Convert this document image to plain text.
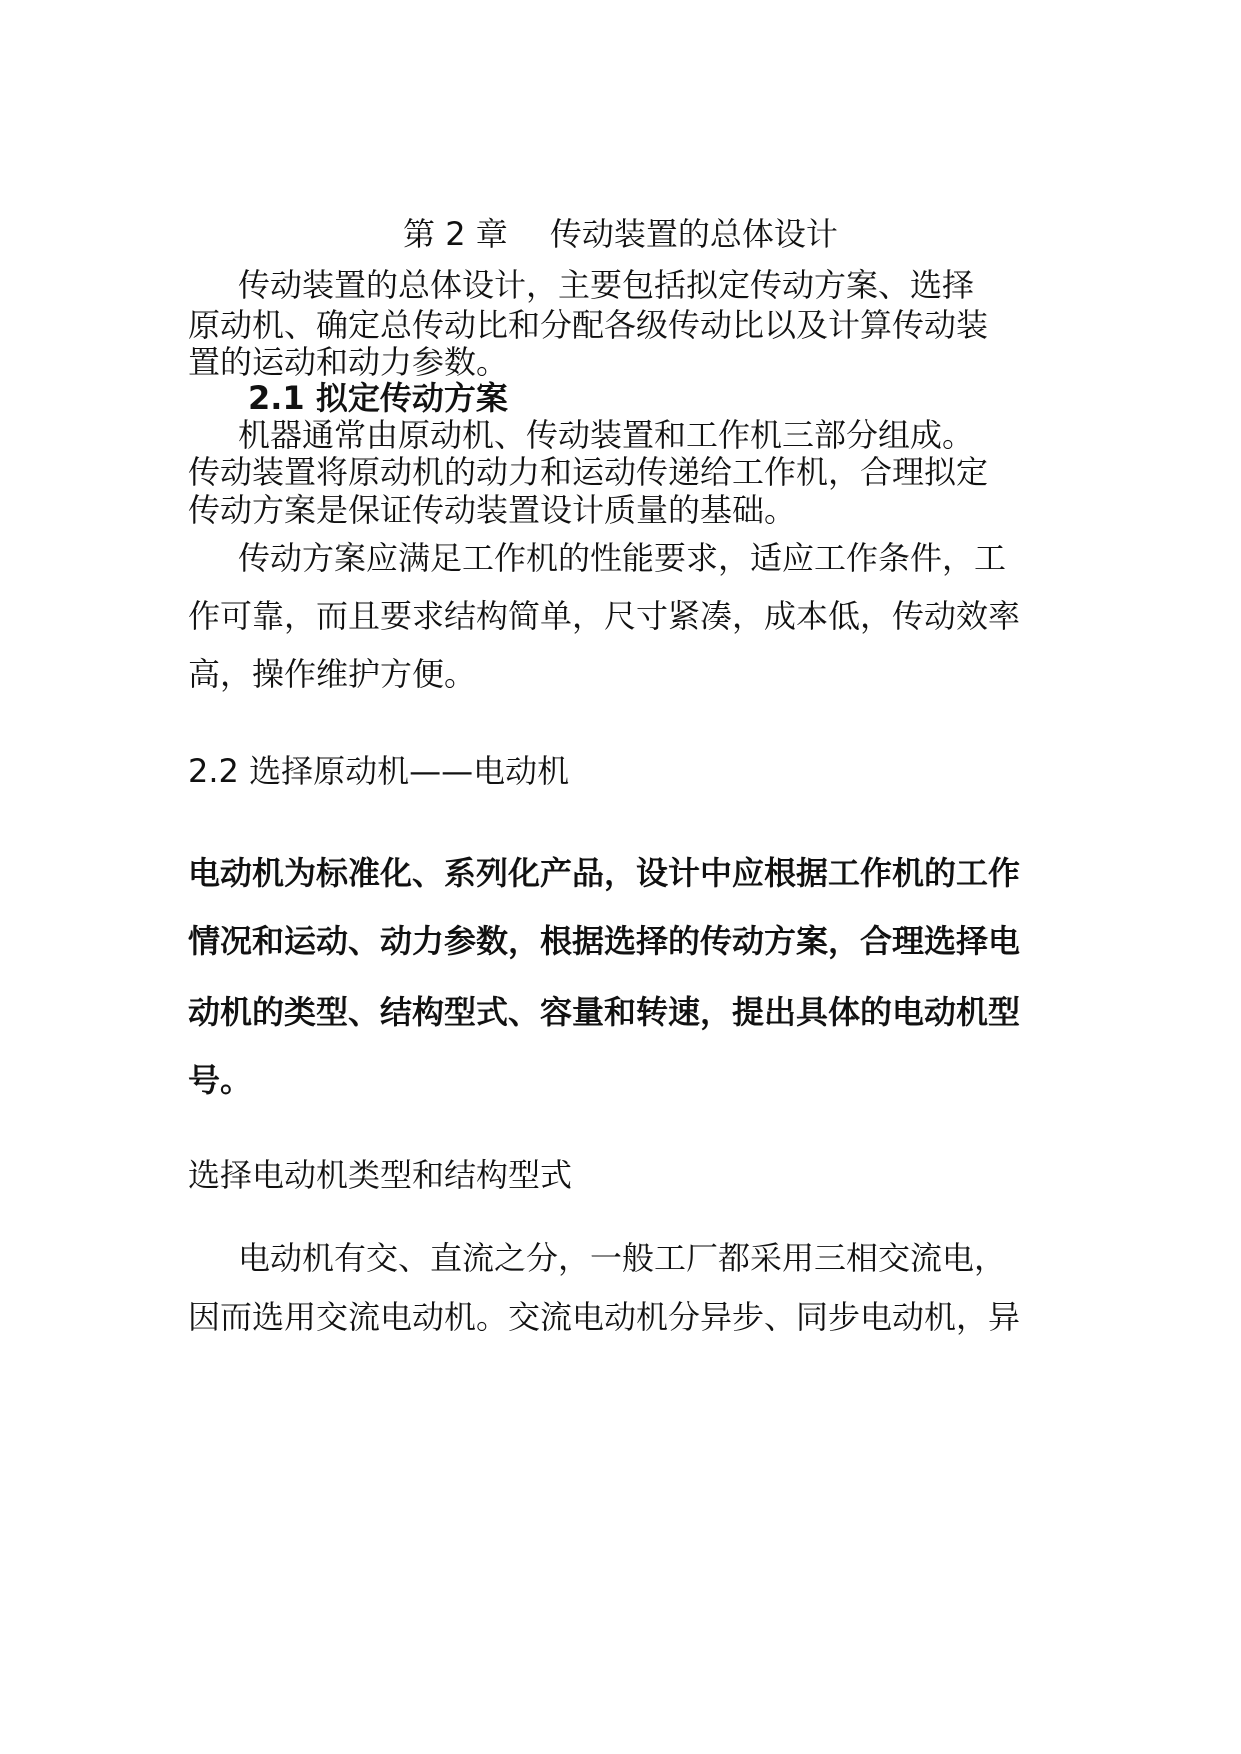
第 2 章 　传动装置的总体设计
传动装置的总体设计，主要包括拟定传动方案、选择
原动机、确定总传动比和分配各级传动比以及计算传动装
置的运动和动力参数。
2.1 拟定传动方案
机器通常由原动机、传动装置和工作机三部分组成。
传动装置将原动机的动力和运动传递给工作机，合理拟定
传动方案是保证传动装置设计质量的基础。
传动方案应满足工作机的性能要求，适应工作条件，工
作可靠，而且要求结构简单，尺寸紧凑，成本低，传动效率
高，操作维护方便。
2.2 选择原动机——电动机
电动机为标准化、系列化产品，设计中应根据工作机的工作
情况和运动、动力参数，根据选择的传动方案，合理选择电
动机的类型、结构型式、容量和转速，提出具体的电动机型
号。
选择电动机类型和结构型式
电动机有交、直流之分，一般工厂都采用三相交流电，
因而选用交流电动机。交流电动机分异步、同步电动机，异
